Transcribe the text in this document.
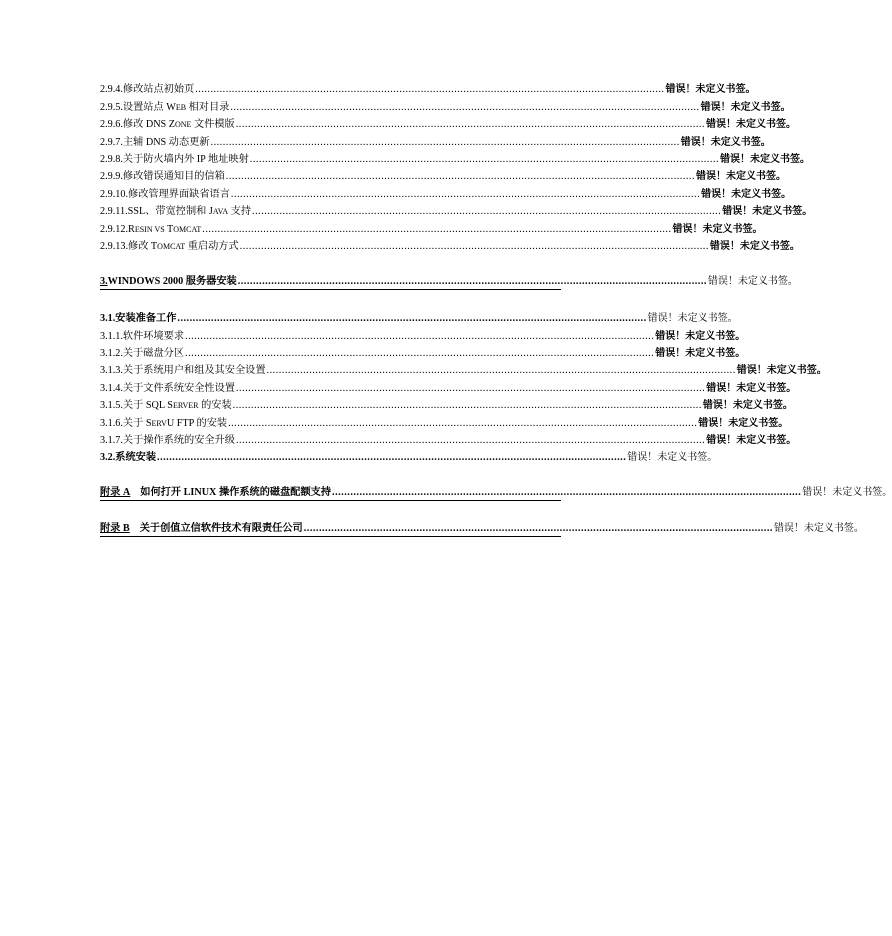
2.9.4. 修改站点初始页 .......................................................................................................................................................... 错误！未定义书签。
2.9.5. 设置站点 WEB 相对目录 .......................................................................................................................................................... 错误！未定义书签。
2.9.6. 修改 DNS ZONE 文件模版 .......................................................................................................................................................... 错误！未定义书签。
2.9.7. 主辅 DNS 动态更新 .......................................................................................................................................................... 错误！未定义书签。
2.9.8. 关于防火墙内外 IP 地址映射 .......................................................................................................................................................... 错误！未定义书签。
2.9.9. 修改错误通知目的信箱 .......................................................................................................................................................... 错误！未定义书签。
2.9.10. 修改管理界面缺省语言 .......................................................................................................................................................... 错误！未定义书签。
2.9.11. SSL、带宽控制和 JAVA 支持 .......................................................................................................................................................... 错误！未定义书签。
2.9.12. RESIN VS TOMCAT .......................................................................................................................................................... 错误！未定义书签。
2.9.13. 修改 TOMCAT 重启动方式 .......................................................................................................................................................... 错误！未定义书签。
3. WINDOWS 2000 服务器安装 .......................................................................................................................................................... 错误！未定义书签。
3.1. 安装准备工作 .......................................................................................................................................................... 错误！未定义书签。
3.1.1. 软件环境要求 .......................................................................................................................................................... 错误！未定义书签。
3.1.2. 关于磁盘分区 .......................................................................................................................................................... 错误！未定义书签。
3.1.3. 关于系统用户和组及其安全设置 .......................................................................................................................................................... 错误！未定义书签。
3.1.4. 关于文件系统安全性设置 .......................................................................................................................................................... 错误！未定义书签。
3.1.5. 关于 SQL SERVER 的安装 .......................................................................................................................................................... 错误！未定义书签。
3.1.6. 关于 SERVU FTP 的安装 .......................................................................................................................................................... 错误！未定义书签。
3.1.7. 关于操作系统的安全升级 .......................................................................................................................................................... 错误！未定义书签。
3.2. 系统安装 .......................................................................................................................................................... 错误！未定义书签。
附录 A 如何打开 LINUX 操作系统的磁盘配额支持 .......................................................................................................................................................... 错误！未定义书签。
附录 B 关于创值立信软件技术有限责任公司 .......................................................................................................................................................... 错误！未定义书签。
